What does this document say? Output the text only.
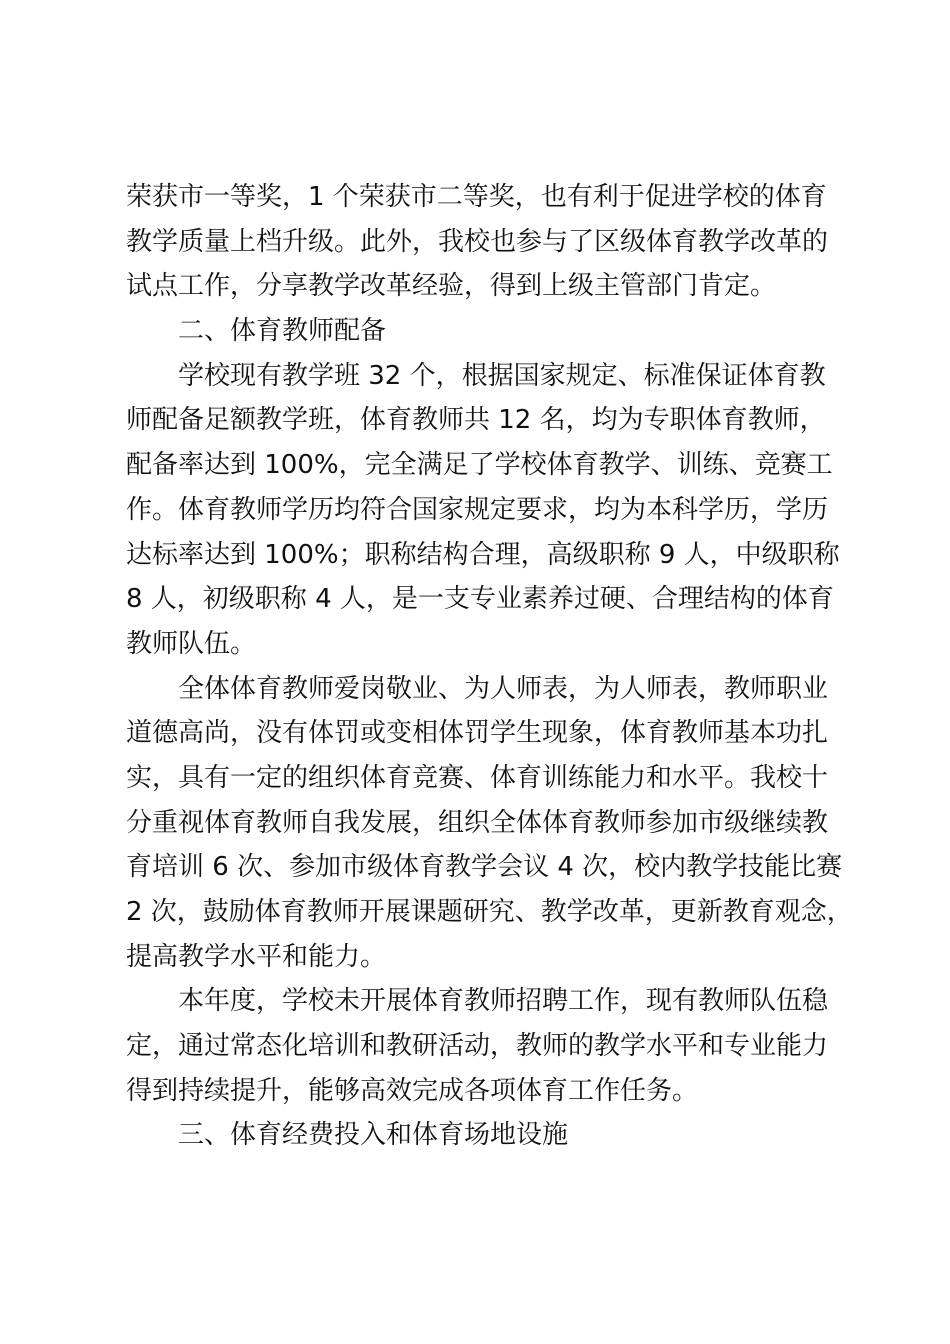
荣获市一等奖，1 个荣获市二等奖，也有利于促进学校的体育
教学质量上档升级。此外，我校也参与了区级体育教学改革的
试点工作，分享教学改革经验，得到上级主管部门肯定。
二、体育教师配备
学校现有教学班 32 个，根据国家规定、标准保证体育教
师配备足额教学班，体育教师共 12 名，均为专职体育教师，
配备率达到 100%，完全满足了学校体育教学、训练、竞赛工
作。体育教师学历均符合国家规定要求，均为本科学历，学历
达标率达到 100%；职称结构合理，高级职称 9 人，中级职称
8 人，初级职称 4 人，是一支专业素养过硬、合理结构的体育
教师队伍。
全体体育教师爱岗敬业、为人师表，为人师表，教师职业
道德高尚，没有体罚或变相体罚学生现象，体育教师基本功扎
实，具有一定的组织体育竞赛、体育训练能力和水平。我校十
分重视体育教师自我发展，组织全体体育教师参加市级继续教
育培训 6 次、参加市级体育教学会议 4 次，校内教学技能比赛
2 次，鼓励体育教师开展课题研究、教学改革，更新教育观念，
提高教学水平和能力。
本年度，学校未开展体育教师招聘工作，现有教师队伍稳
定，通过常态化培训和教研活动，教师的教学水平和专业能力
得到持续提升，能够高效完成各项体育工作任务。
三、体育经费投入和体育场地设施
